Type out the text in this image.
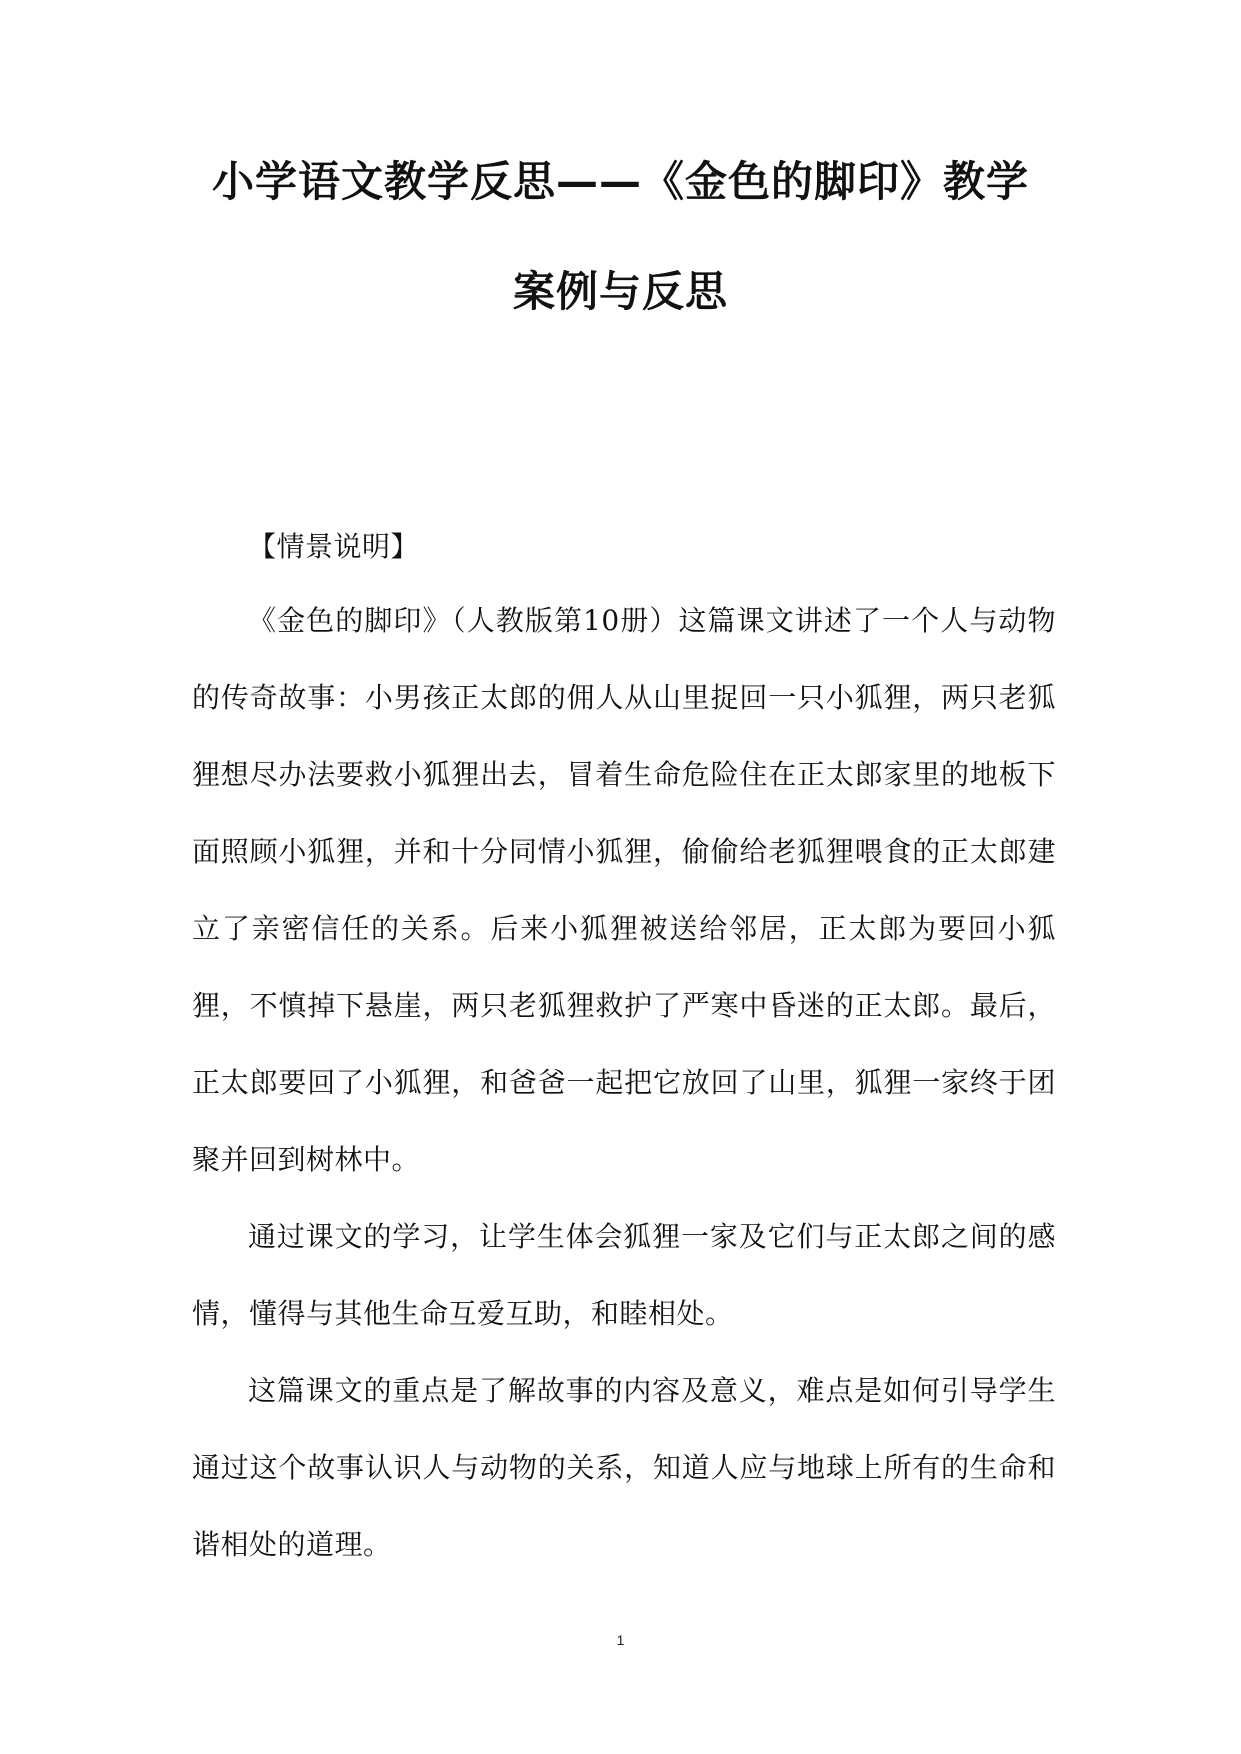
小学语文教学反思——《金色的脚印》教学
案例与反思

【情景说明】

《金色的脚印》（人教版第10册）这篇课文讲述了一个人与动物的传奇故事：小男孩正太郎的佣人从山里捉回一只小狐狸，两只老狐狸想尽办法要救小狐狸出去，冒着生命危险住在正太郎家里的地板下面照顾小狐狸，并和十分同情小狐狸，偷偷给老狐狸喂食的正太郎建立了亲密信任的关系。后来小狐狸被送给邻居，正太郎为要回小狐狸，不慎掉下悬崖，两只老狐狸救护了严寒中昏迷的正太郎。最后，正太郎要回了小狐狸，和爸爸一起把它放回了山里，狐狸一家终于团聚并回到树林中。

通过课文的学习，让学生体会狐狸一家及它们与正太郎之间的感情，懂得与其他生命互爱互助，和睦相处。

这篇课文的重点是了解故事的内容及意义，难点是如何引导学生通过这个故事认识人与动物的关系，知道人应与地球上所有的生命和谐相处的道理。

1
